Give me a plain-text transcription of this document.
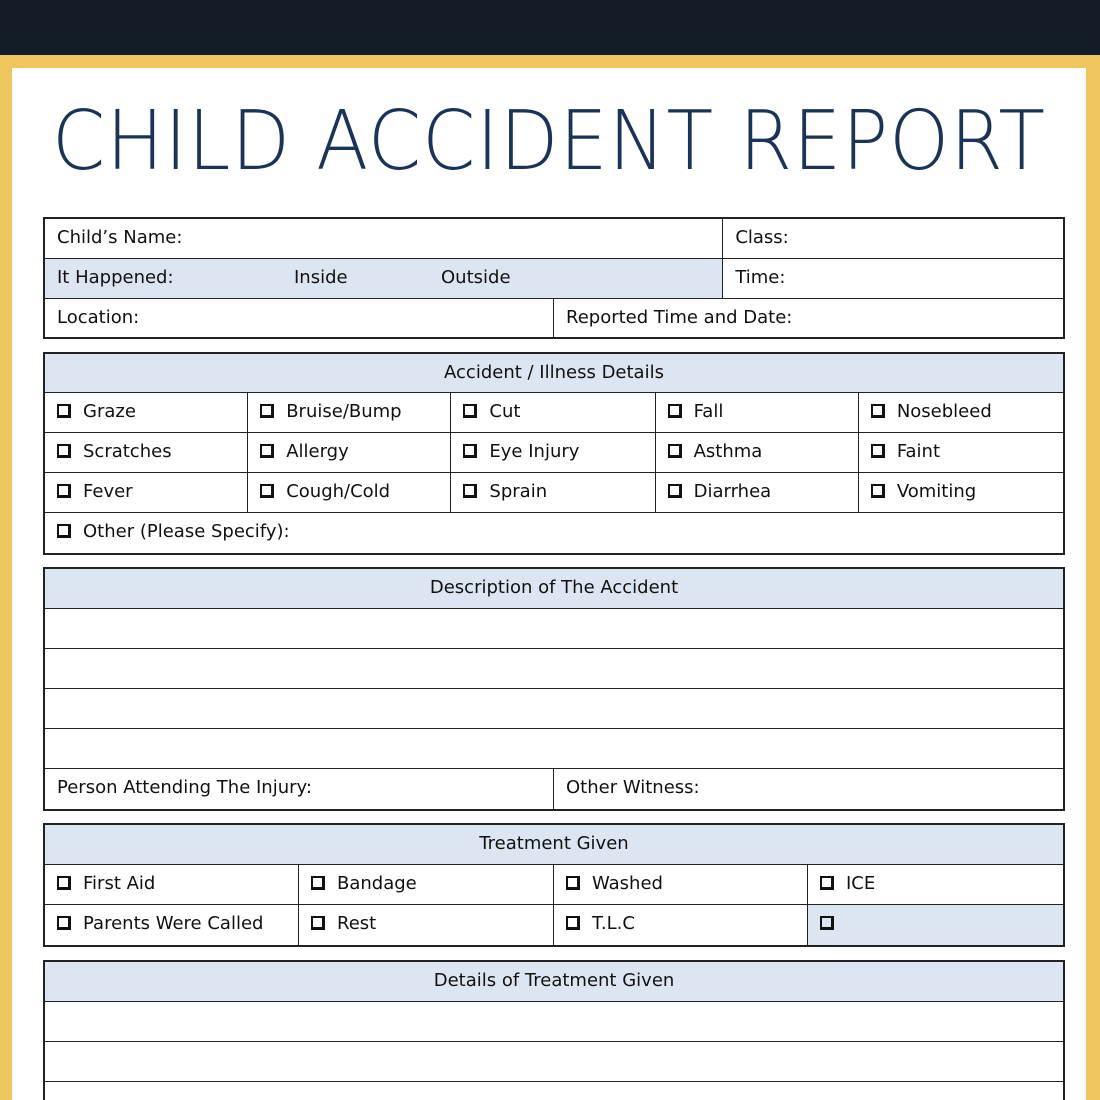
CHILD ACCIDENT REPORT
Child’s Name:	Class:
It Happened:	Inside	Outside	Time:
Location:	Reported Time and Date:
Accident / Illness Details
Graze	Bruise/Bump	Cut	Fall	Nosebleed
Scratches	Allergy	Eye Injury	Asthma	Faint
Fever	Cough/Cold	Sprain	Diarrhea	Vomiting
Other (Please Specify):
Description of The Accident
Person Attending The Injury:	Other Witness:
Treatment Given
First Aid	Bandage	Washed	ICE
Parents Were Called	Rest	T.L.C
Details of Treatment Given
